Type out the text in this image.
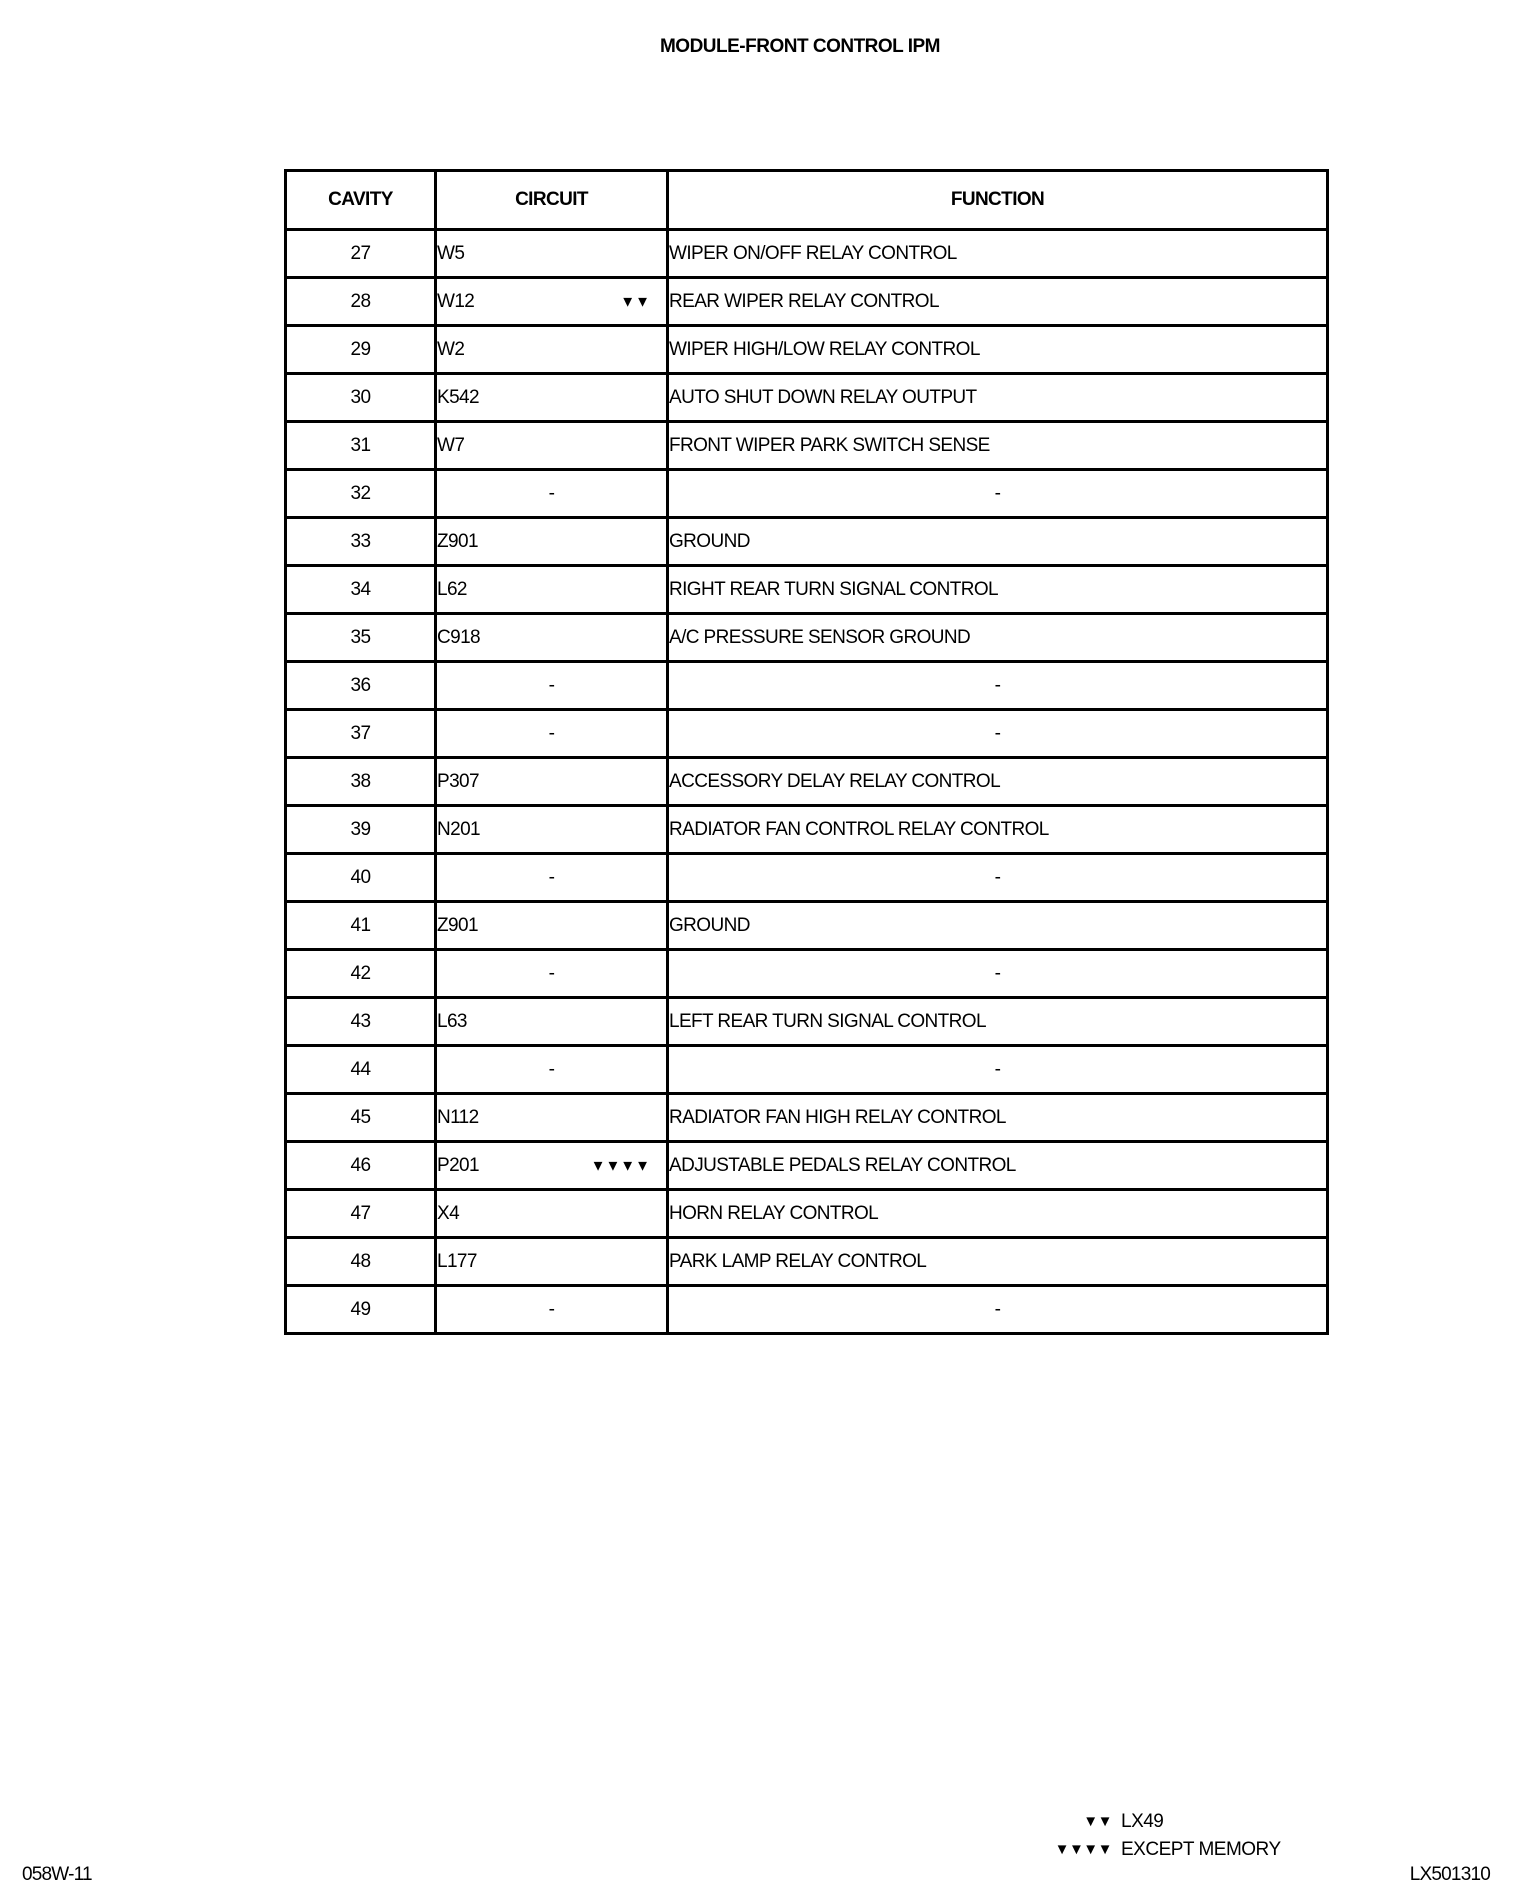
MODULE-FRONT CONTROL IPM
CAVITY	CIRCUIT	FUNCTION
27	W5	WIPER ON/OFF RELAY CONTROL
28	W12 ▼▼	REAR WIPER RELAY CONTROL
29	W2	WIPER HIGH/LOW RELAY CONTROL
30	K542	AUTO SHUT DOWN RELAY OUTPUT
31	W7	FRONT WIPER PARK SWITCH SENSE
32	-	-
33	Z901	GROUND
34	L62	RIGHT REAR TURN SIGNAL CONTROL
35	C918	A/C PRESSURE SENSOR GROUND
36	-	-
37	-	-
38	P307	ACCESSORY DELAY RELAY CONTROL
39	N201	RADIATOR FAN CONTROL RELAY CONTROL
40	-	-
41	Z901	GROUND
42	-	-
43	L63	LEFT REAR TURN SIGNAL CONTROL
44	-	-
45	N112	RADIATOR FAN HIGH RELAY CONTROL
46	P201 ▼▼▼▼	ADJUSTABLE PEDALS RELAY CONTROL
47	X4	HORN RELAY CONTROL
48	L177	PARK LAMP RELAY CONTROL
49	-	-
▼▼ LX49
▼▼▼▼ EXCEPT MEMORY
058W-11	LX501310
